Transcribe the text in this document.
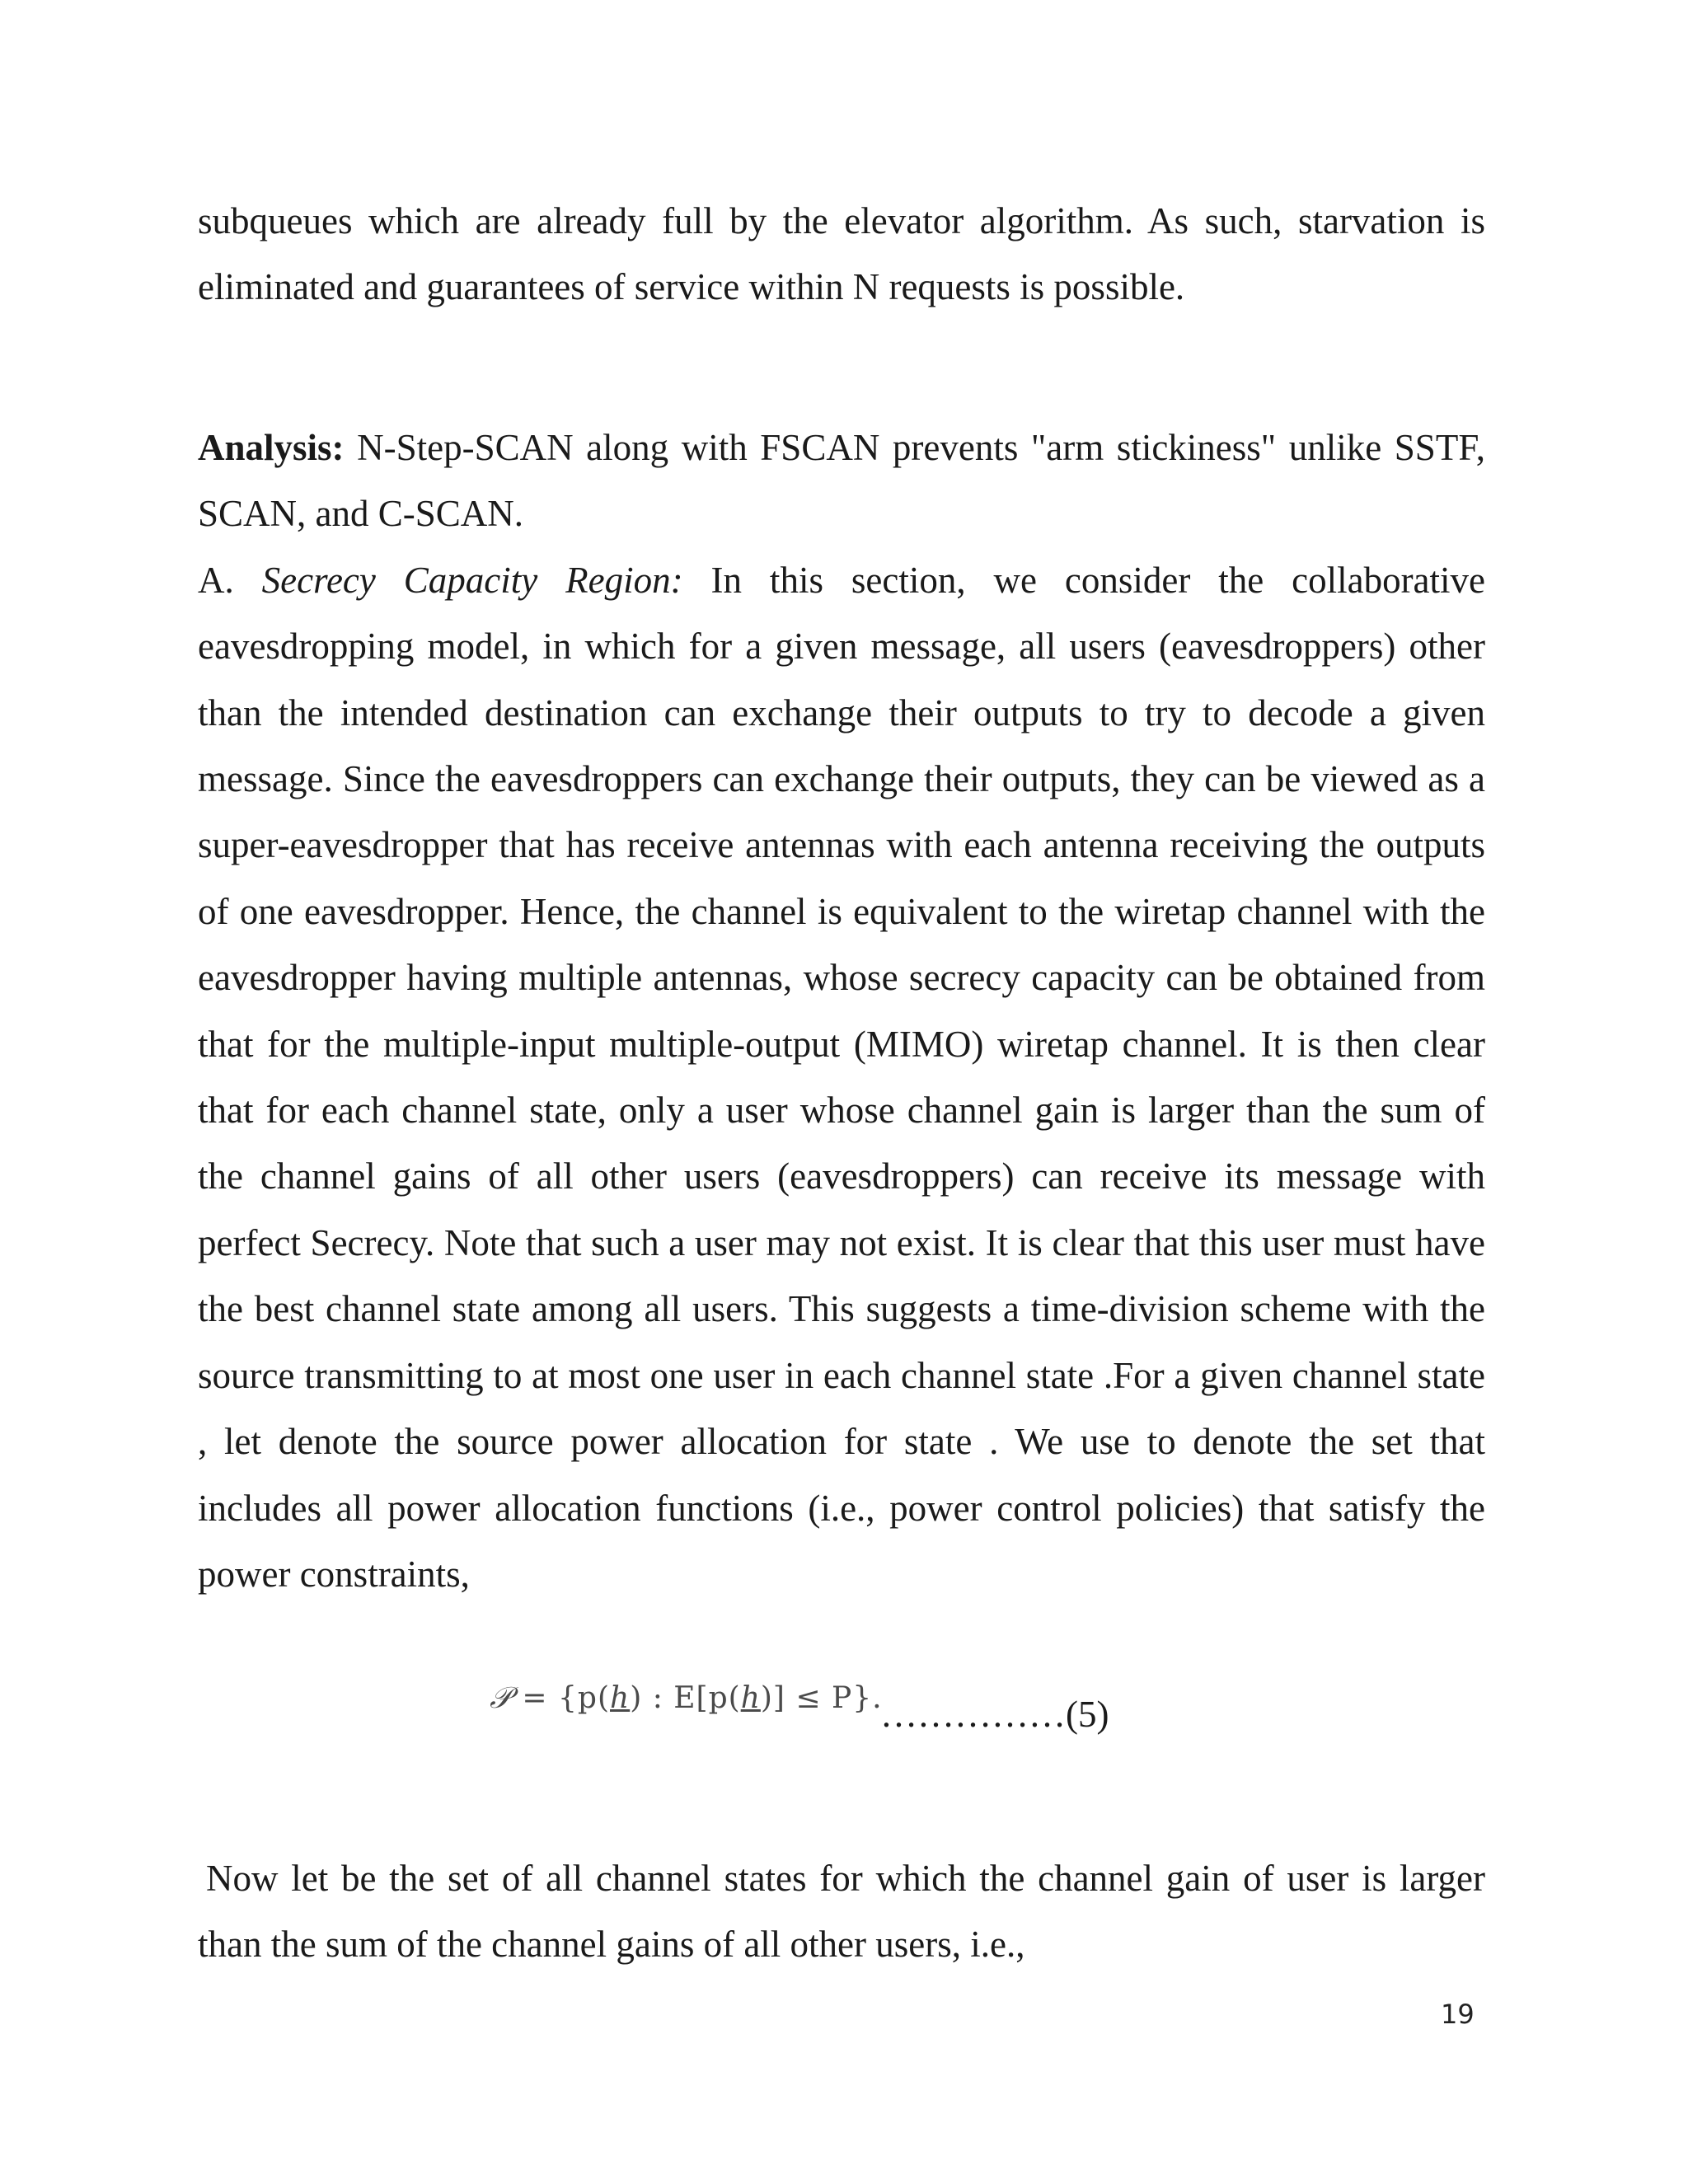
subqueues which are already full by the elevator algorithm. As such, starvation is eliminated and guarantees of service within N requests is possible.

Analysis: N-Step-SCAN along with FSCAN prevents "arm stickiness" unlike SSTF, SCAN, and C-SCAN.

A. Secrecy Capacity Region: In this section, we consider the collaborative eavesdropping model, in which for a given message, all users (eavesdroppers) other than the intended destination can exchange their outputs to try to decode a given message. Since the eavesdroppers can exchange their outputs, they can be viewed as a super-eavesdropper that has receive antennas with each antenna receiving the outputs of one eavesdropper. Hence, the channel is equivalent to the wiretap channel with the eavesdropper having multiple antennas, whose secrecy capacity can be obtained from that for the multiple-input multiple-output (MIMO) wiretap channel. It is then clear that for each channel state, only a user whose channel gain is larger than the sum of the channel gains of all other users (eavesdroppers) can receive its message with perfect Secrecy. Note that such a user may not exist. It is clear that this user must have the best channel state among all users. This suggests a time-division scheme with the source transmitting to at most one user in each channel state .For a given channel state , let denote the source power allocation for state . We use to denote the set that includes all power allocation functions (i.e., power control policies) that satisfy the power constraints,

𝒫 = {p(h) : E[p(h)] ≤ P}.
……………(5)

Now let be the set of all channel states for which the channel gain of user is larger than the sum of the channel gains of all other users, i.e.,

19
